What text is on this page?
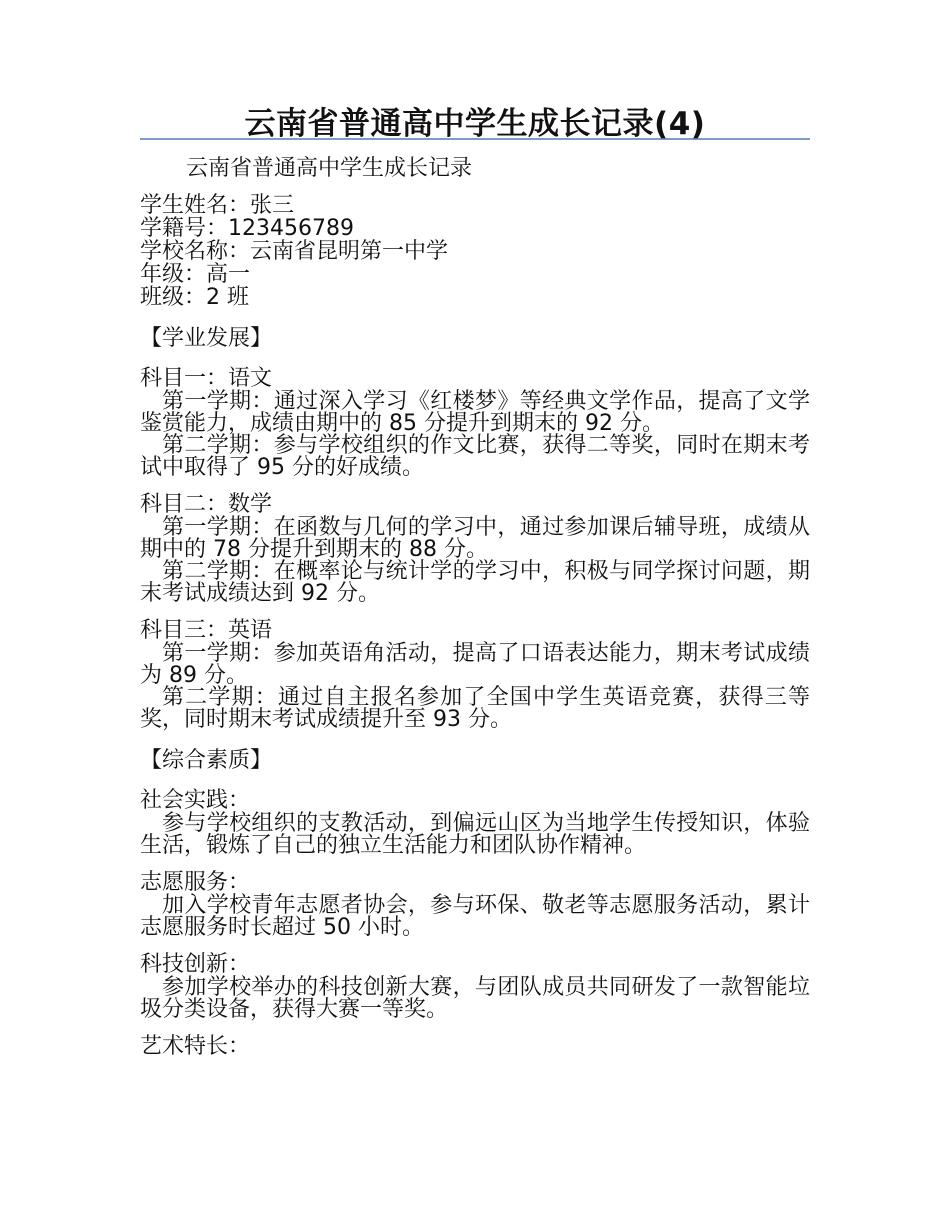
云南省普通高中学生成长记录(4)
云南省普通高中学生成长记录
学生姓名：张三
学籍号：123456789
学校名称：云南省昆明第一中学
年级：高一
班级：2 班
【学业发展】
科目一：语文
第一学期：通过深入学习《红楼梦》等经典文学作品，提高了文学鉴赏能力，成绩由期中的 85 分提升到期末的 92 分。
第二学期：参与学校组织的作文比赛，获得二等奖，同时在期末考试中取得了 95 分的好成绩。
科目二：数学
第一学期：在函数与几何的学习中，通过参加课后辅导班，成绩从期中的 78 分提升到期末的 88 分。
第二学期：在概率论与统计学的学习中，积极与同学探讨问题，期末考试成绩达到 92 分。
科目三：英语
第一学期：参加英语角活动，提高了口语表达能力，期末考试成绩为 89 分。
第二学期：通过自主报名参加了全国中学生英语竞赛，获得三等奖，同时期末考试成绩提升至 93 分。
【综合素质】
社会实践：
参与学校组织的支教活动，到偏远山区为当地学生传授知识，体验生活，锻炼了自己的独立生活能力和团队协作精神。
志愿服务：
加入学校青年志愿者协会，参与环保、敬老等志愿服务活动，累计志愿服务时长超过 50 小时。
科技创新：
参加学校举办的科技创新大赛，与团队成员共同研发了一款智能垃圾分类设备，获得大赛一等奖。
艺术特长：
